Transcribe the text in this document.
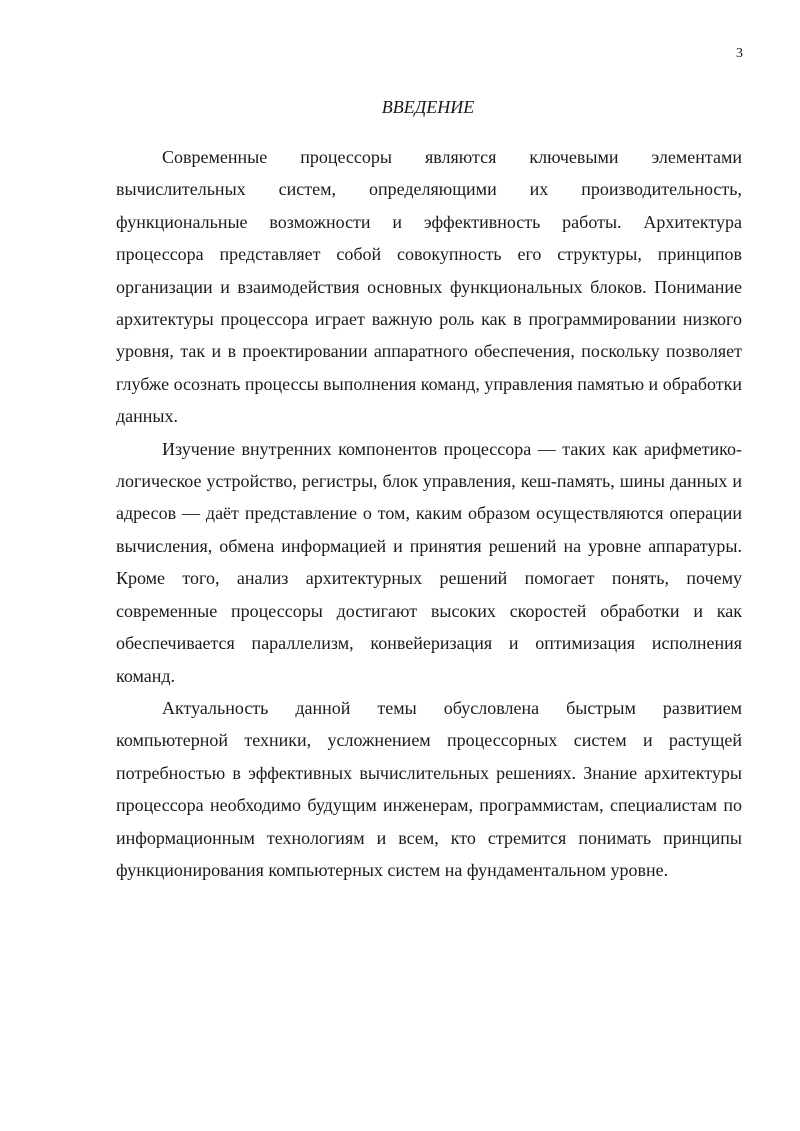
3
ВВЕДЕНИЕ

Современные процессоры являются ключевыми элементами вычислительных систем, определяющими их производительность, функциональные возможности и эффективность работы. Архитектура процессора представляет собой совокупность его структуры, принципов организации и взаимодействия основных функциональных блоков. Понимание архитектуры процессора играет важную роль как в программировании низкого уровня, так и в проектировании аппаратного обеспечения, поскольку позволяет глубже осознать процессы выполнения команд, управления памятью и обработки данных.

Изучение внутренних компонентов процессора — таких как арифметико-логическое устройство, регистры, блок управления, кеш-память, шины данных и адресов — даёт представление о том, каким образом осуществляются операции вычисления, обмена информацией и принятия решений на уровне аппаратуры. Кроме того, анализ архитектурных решений помогает понять, почему современные процессоры достигают высоких скоростей обработки и как обеспечивается параллелизм, конвейеризация и оптимизация исполнения команд.

Актуальность данной темы обусловлена быстрым развитием компьютерной техники, усложнением процессорных систем и растущей потребностью в эффективных вычислительных решениях. Знание архитектуры процессора необходимо будущим инженерам, программистам, специалистам по информационным технологиям и всем, кто стремится понимать принципы функционирования компьютерных систем на фундаментальном уровне.
